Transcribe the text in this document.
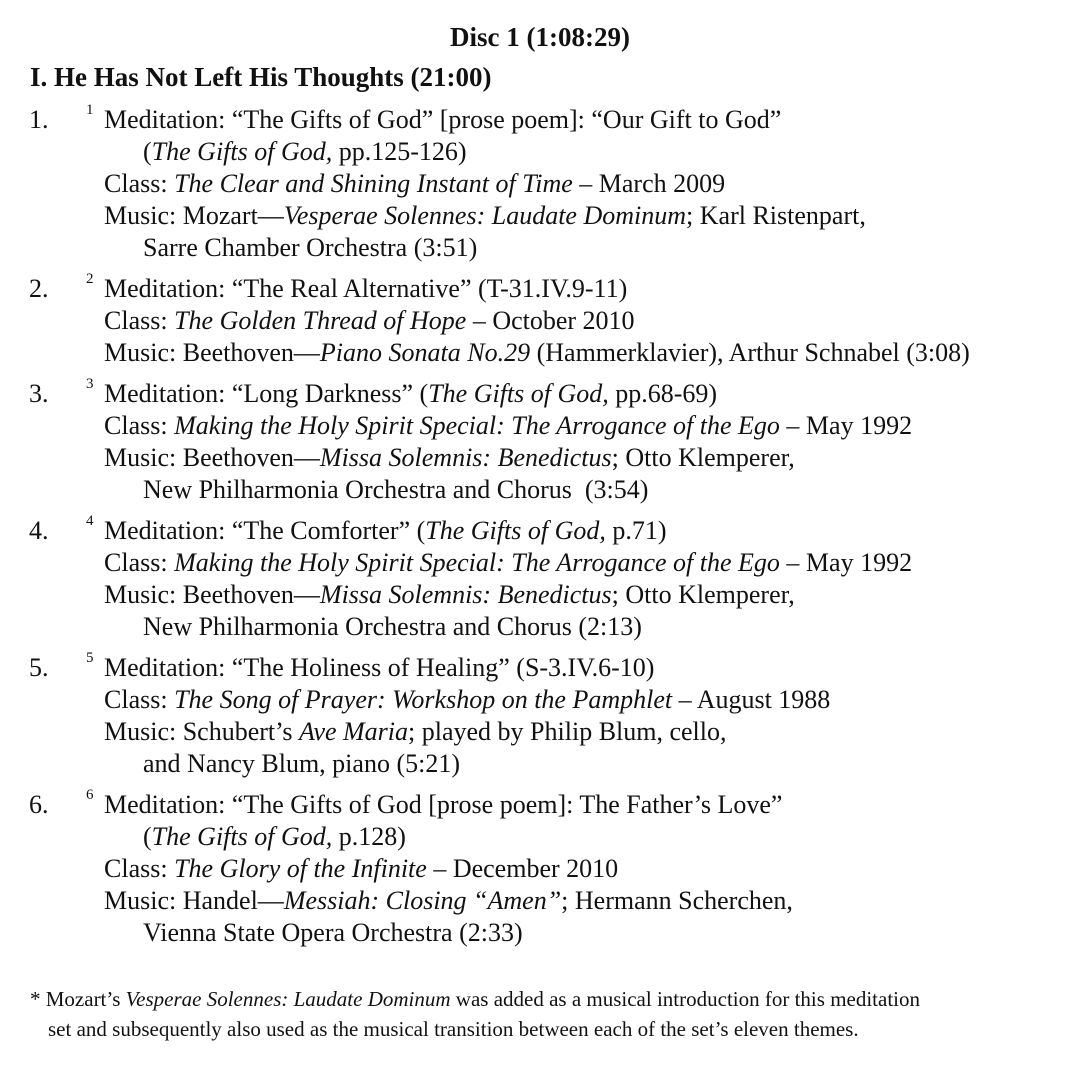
Disc 1 (1:08:29)
I. He Has Not Left His Thoughts (21:00)
1.	1 Meditation: “The Gifts of God” [prose poem]: “Our Gift to God”
(The Gifts of God, pp.125-126)
Class: The Clear and Shining Instant of Time – March 2009
Music: Mozart—Vesperae Solennes: Laudate Dominum; Karl Ristenpart,
Sarre Chamber Orchestra (3:51)
2.	2 Meditation: “The Real Alternative” (T-31.IV.9-11)
Class: The Golden Thread of Hope – October 2010
Music: Beethoven—Piano Sonata No.29 (Hammerklavier), Arthur Schnabel (3:08)
3.	3 Meditation: “Long Darkness” (The Gifts of God, pp.68-69)
Class: Making the Holy Spirit Special: The Arrogance of the Ego – May 1992
Music: Beethoven—Missa Solemnis: Benedictus; Otto Klemperer,
New Philharmonia Orchestra and Chorus  (3:54)
4.	4 Meditation: “The Comforter” (The Gifts of God, p.71)
Class: Making the Holy Spirit Special: The Arrogance of the Ego – May 1992
Music: Beethoven—Missa Solemnis: Benedictus; Otto Klemperer,
New Philharmonia Orchestra and Chorus (2:13)
5.	5 Meditation: “The Holiness of Healing” (S-3.IV.6-10)
Class: The Song of Prayer: Workshop on the Pamphlet – August 1988
Music: Schubert’s Ave Maria; played by Philip Blum, cello,
and Nancy Blum, piano (5:21)
6.	6 Meditation: “The Gifts of God [prose poem]: The Father’s Love”
(The Gifts of God, p.128)
Class: The Glory of the Infinite – December 2010
Music: Handel—Messiah: Closing “Amen”; Hermann Scherchen,
Vienna State Opera Orchestra (2:33)
* Mozart’s Vesperae Solennes: Laudate Dominum was added as a musical introduction for this meditation
set and subsequently also used as the musical transition between each of the set’s eleven themes.
